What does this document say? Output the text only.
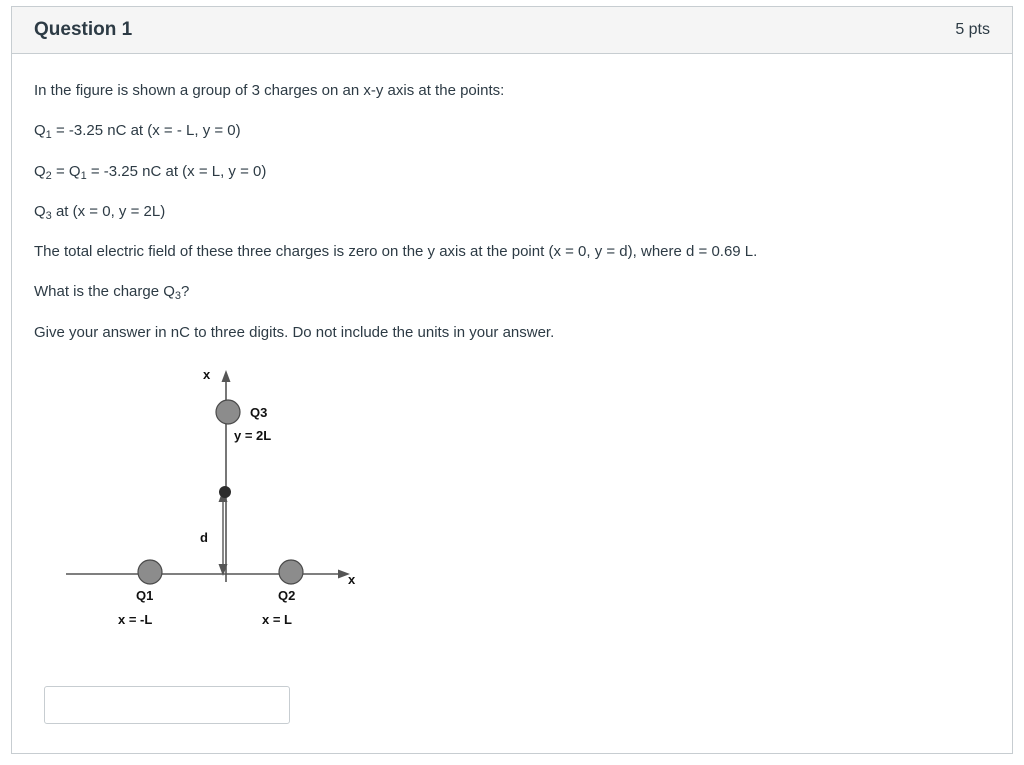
Question 1	5 pts

In the figure is shown a group of 3 charges on an x-y axis at the points:

$Q_1 = -3.25$ nC at (x = - L, y = 0)

$Q_2 = Q_1 = -3.25$ nC at (x = L, y = 0)

$Q_3$ at (x = 0, y = 2L)

The total electric field of these three charges is zero on the y axis at the point (x = 0, y = d), where d = 0.69 L.

What is the charge $Q_3$?

Give your answer in nC to three digits. Do not include the units in your answer.

x
x
Q3
y = 2L
Q1
x = -L
Q2
x = L
d
